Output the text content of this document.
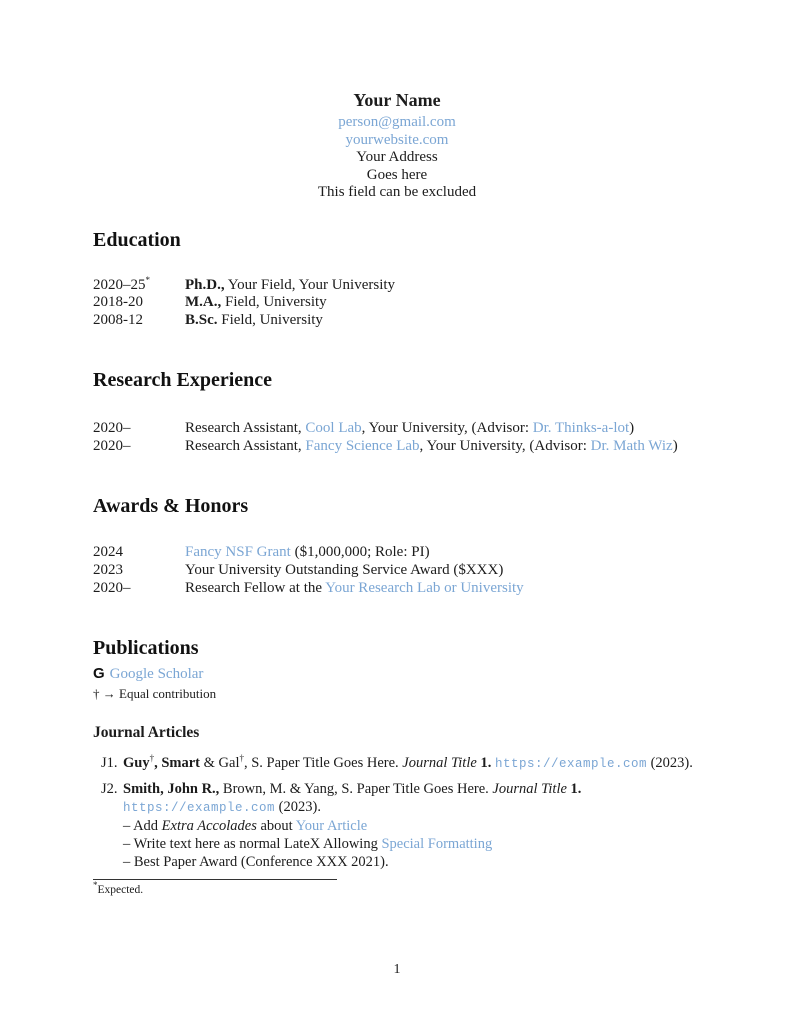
Your Name
person@gmail.com
yourwebsite.com
Your Address
Goes here
This field can be excluded
Education
2020–25*	Ph.D., Your Field, Your University
2018-20	M.A., Field, University
2008-12	B.Sc. Field, University
Research Experience
2020–	Research Assistant, Cool Lab, Your University, (Advisor: Dr. Thinks-a-lot)
2020–	Research Assistant, Fancy Science Lab, Your University, (Advisor: Dr. Math Wiz)
Awards & Honors
2024	Fancy NSF Grant ($1,000,000; Role: PI)
2023	Your University Outstanding Service Award ($XXX)
2020–	Research Fellow at the Your Research Lab or University
Publications
G Google Scholar
† → Equal contribution
Journal Articles
J1. Guy†, Smart & Gal†, S. Paper Title Goes Here. Journal Title 1. https://example.com (2023).
J2. Smith, John R., Brown, M. & Yang, S. Paper Title Goes Here. Journal Title 1. https://example.com (2023).
– Add Extra Accolades about Your Article
– Write text here as normal LateX Allowing Special Formatting
– Best Paper Award (Conference XXX 2021).
*Expected.
1
